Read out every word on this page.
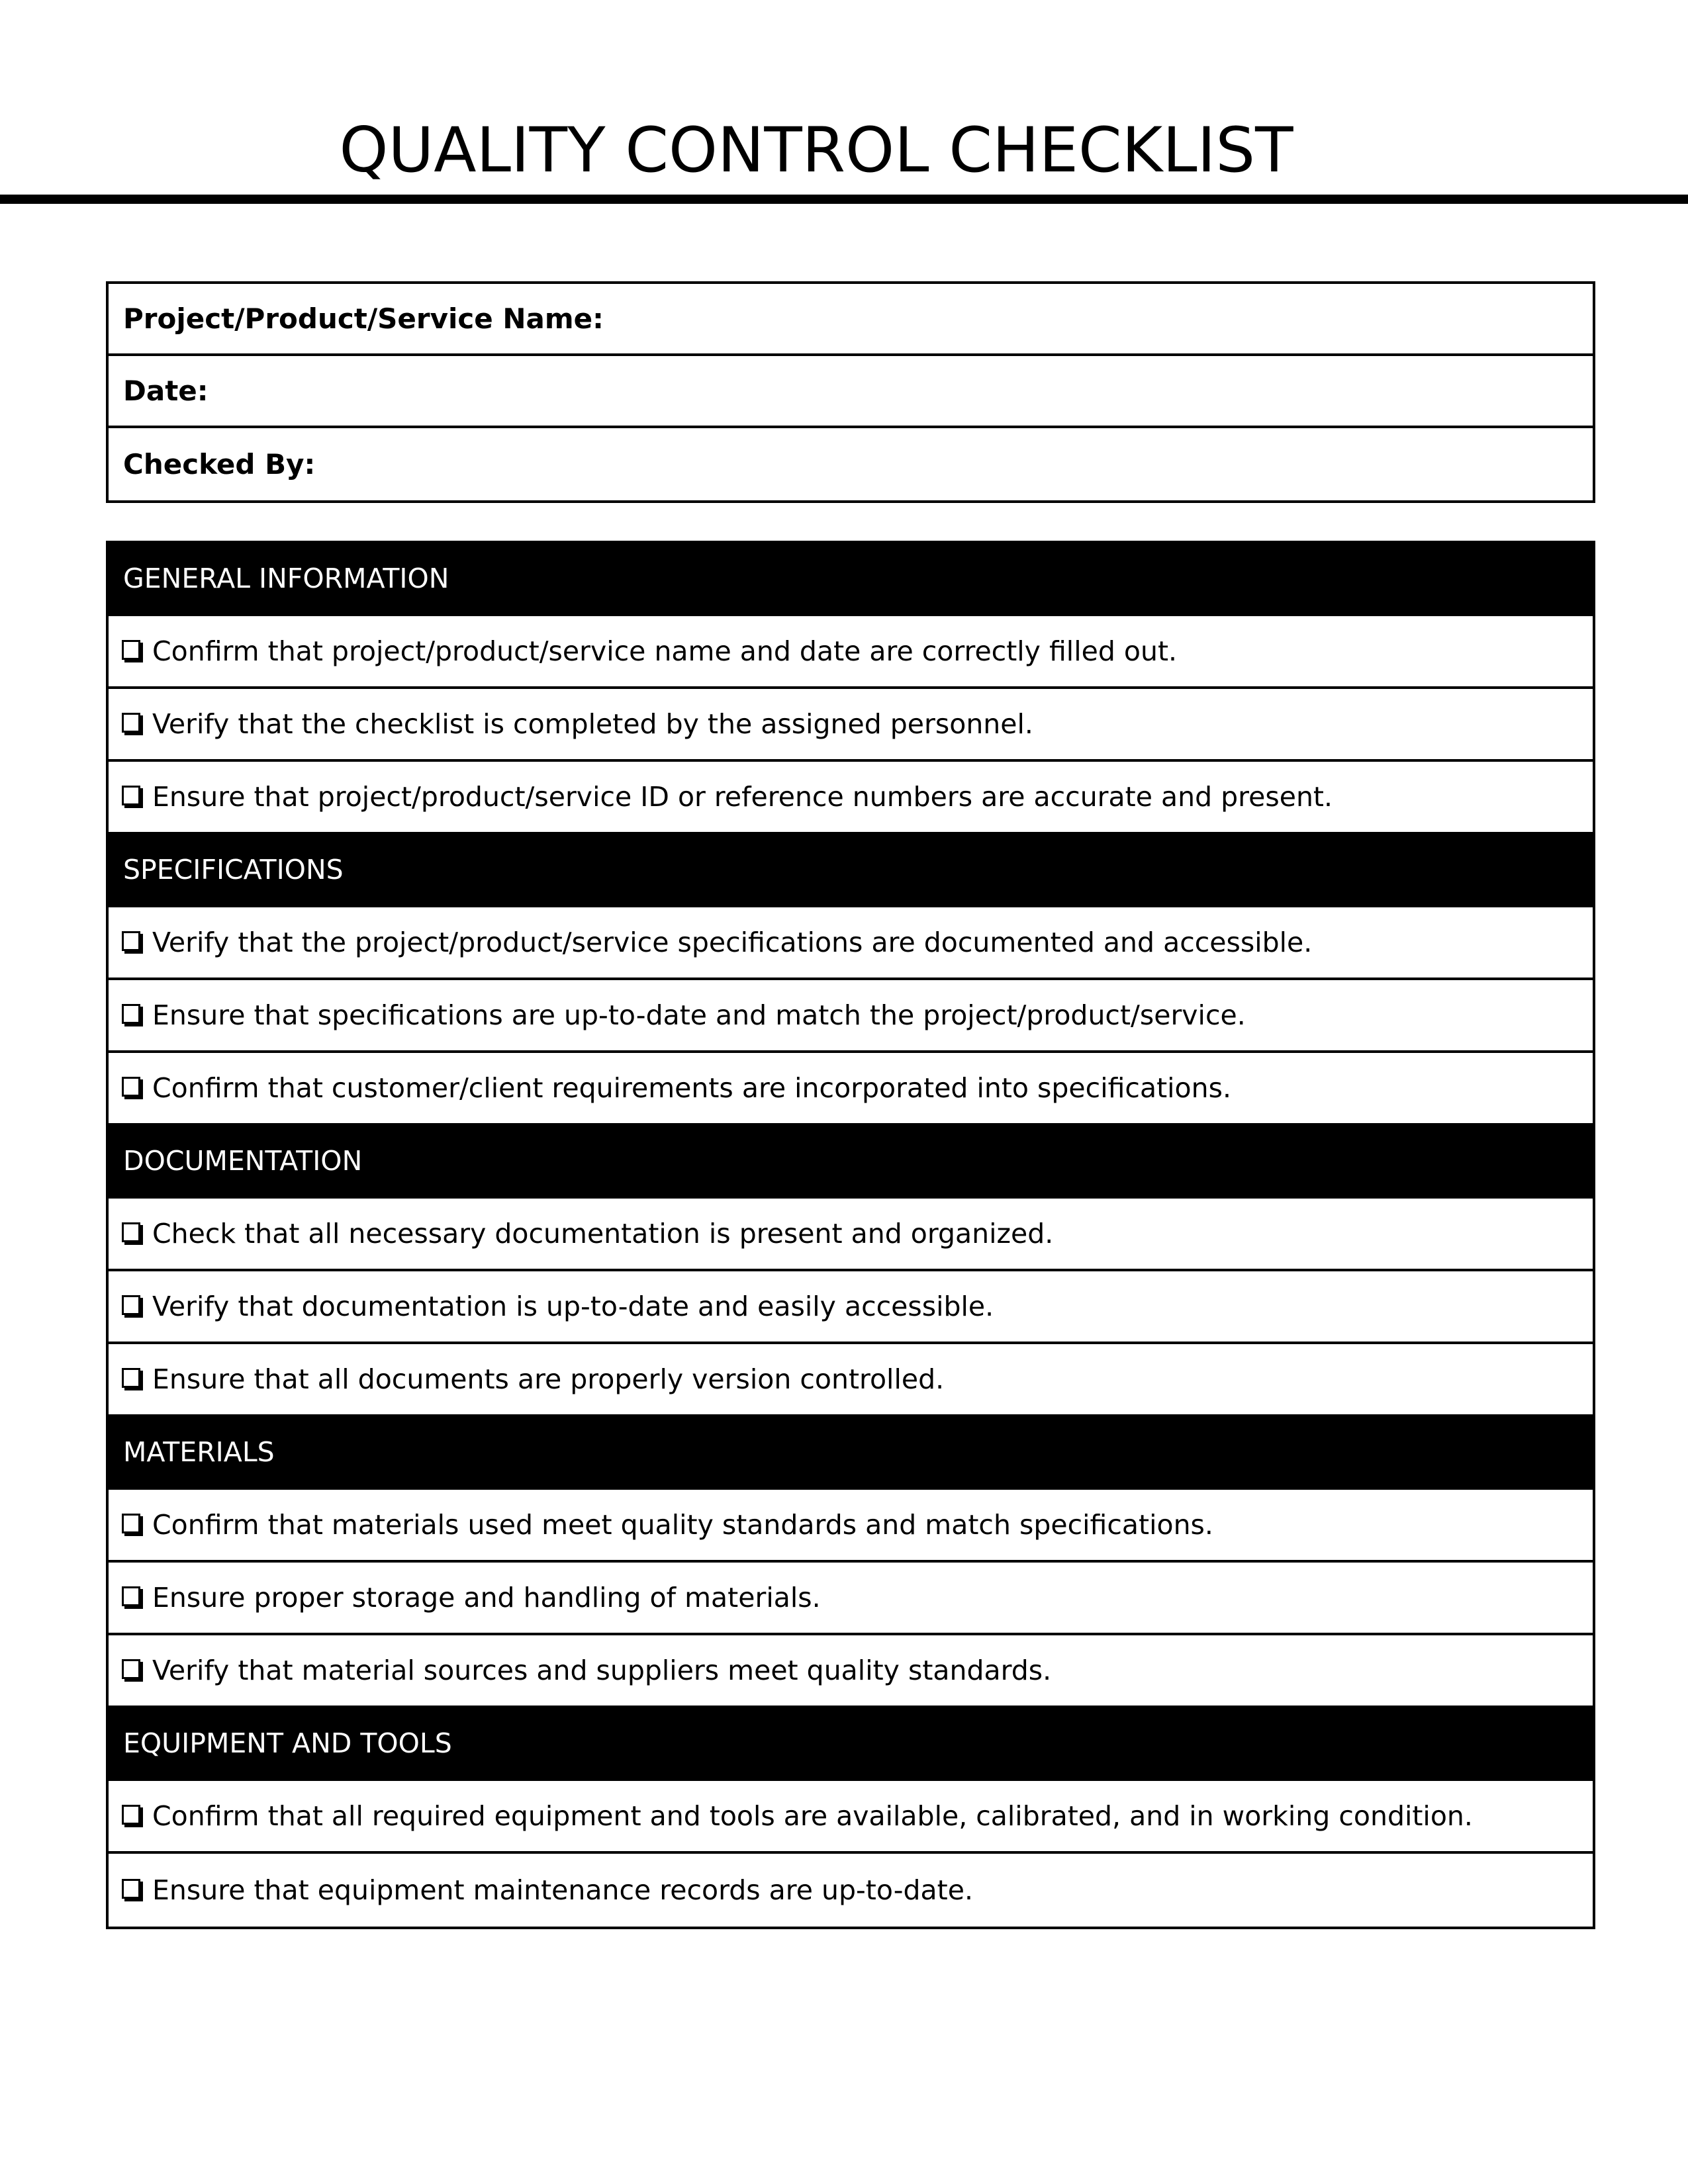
QUALITY CONTROL CHECKLIST
Project/Product/Service Name:
Date:
Checked By:
GENERAL INFORMATION
Confirm that project/product/service name and date are correctly filled out.
Verify that the checklist is completed by the assigned personnel.
Ensure that project/product/service ID or reference numbers are accurate and present.
SPECIFICATIONS
Verify that the project/product/service specifications are documented and accessible.
Ensure that specifications are up-to-date and match the project/product/service.
Confirm that customer/client requirements are incorporated into specifications.
DOCUMENTATION
Check that all necessary documentation is present and organized.
Verify that documentation is up-to-date and easily accessible.
Ensure that all documents are properly version controlled.
MATERIALS
Confirm that materials used meet quality standards and match specifications.
Ensure proper storage and handling of materials.
Verify that material sources and suppliers meet quality standards.
EQUIPMENT AND TOOLS
Confirm that all required equipment and tools are available, calibrated, and in working condition.
Ensure that equipment maintenance records are up-to-date.
